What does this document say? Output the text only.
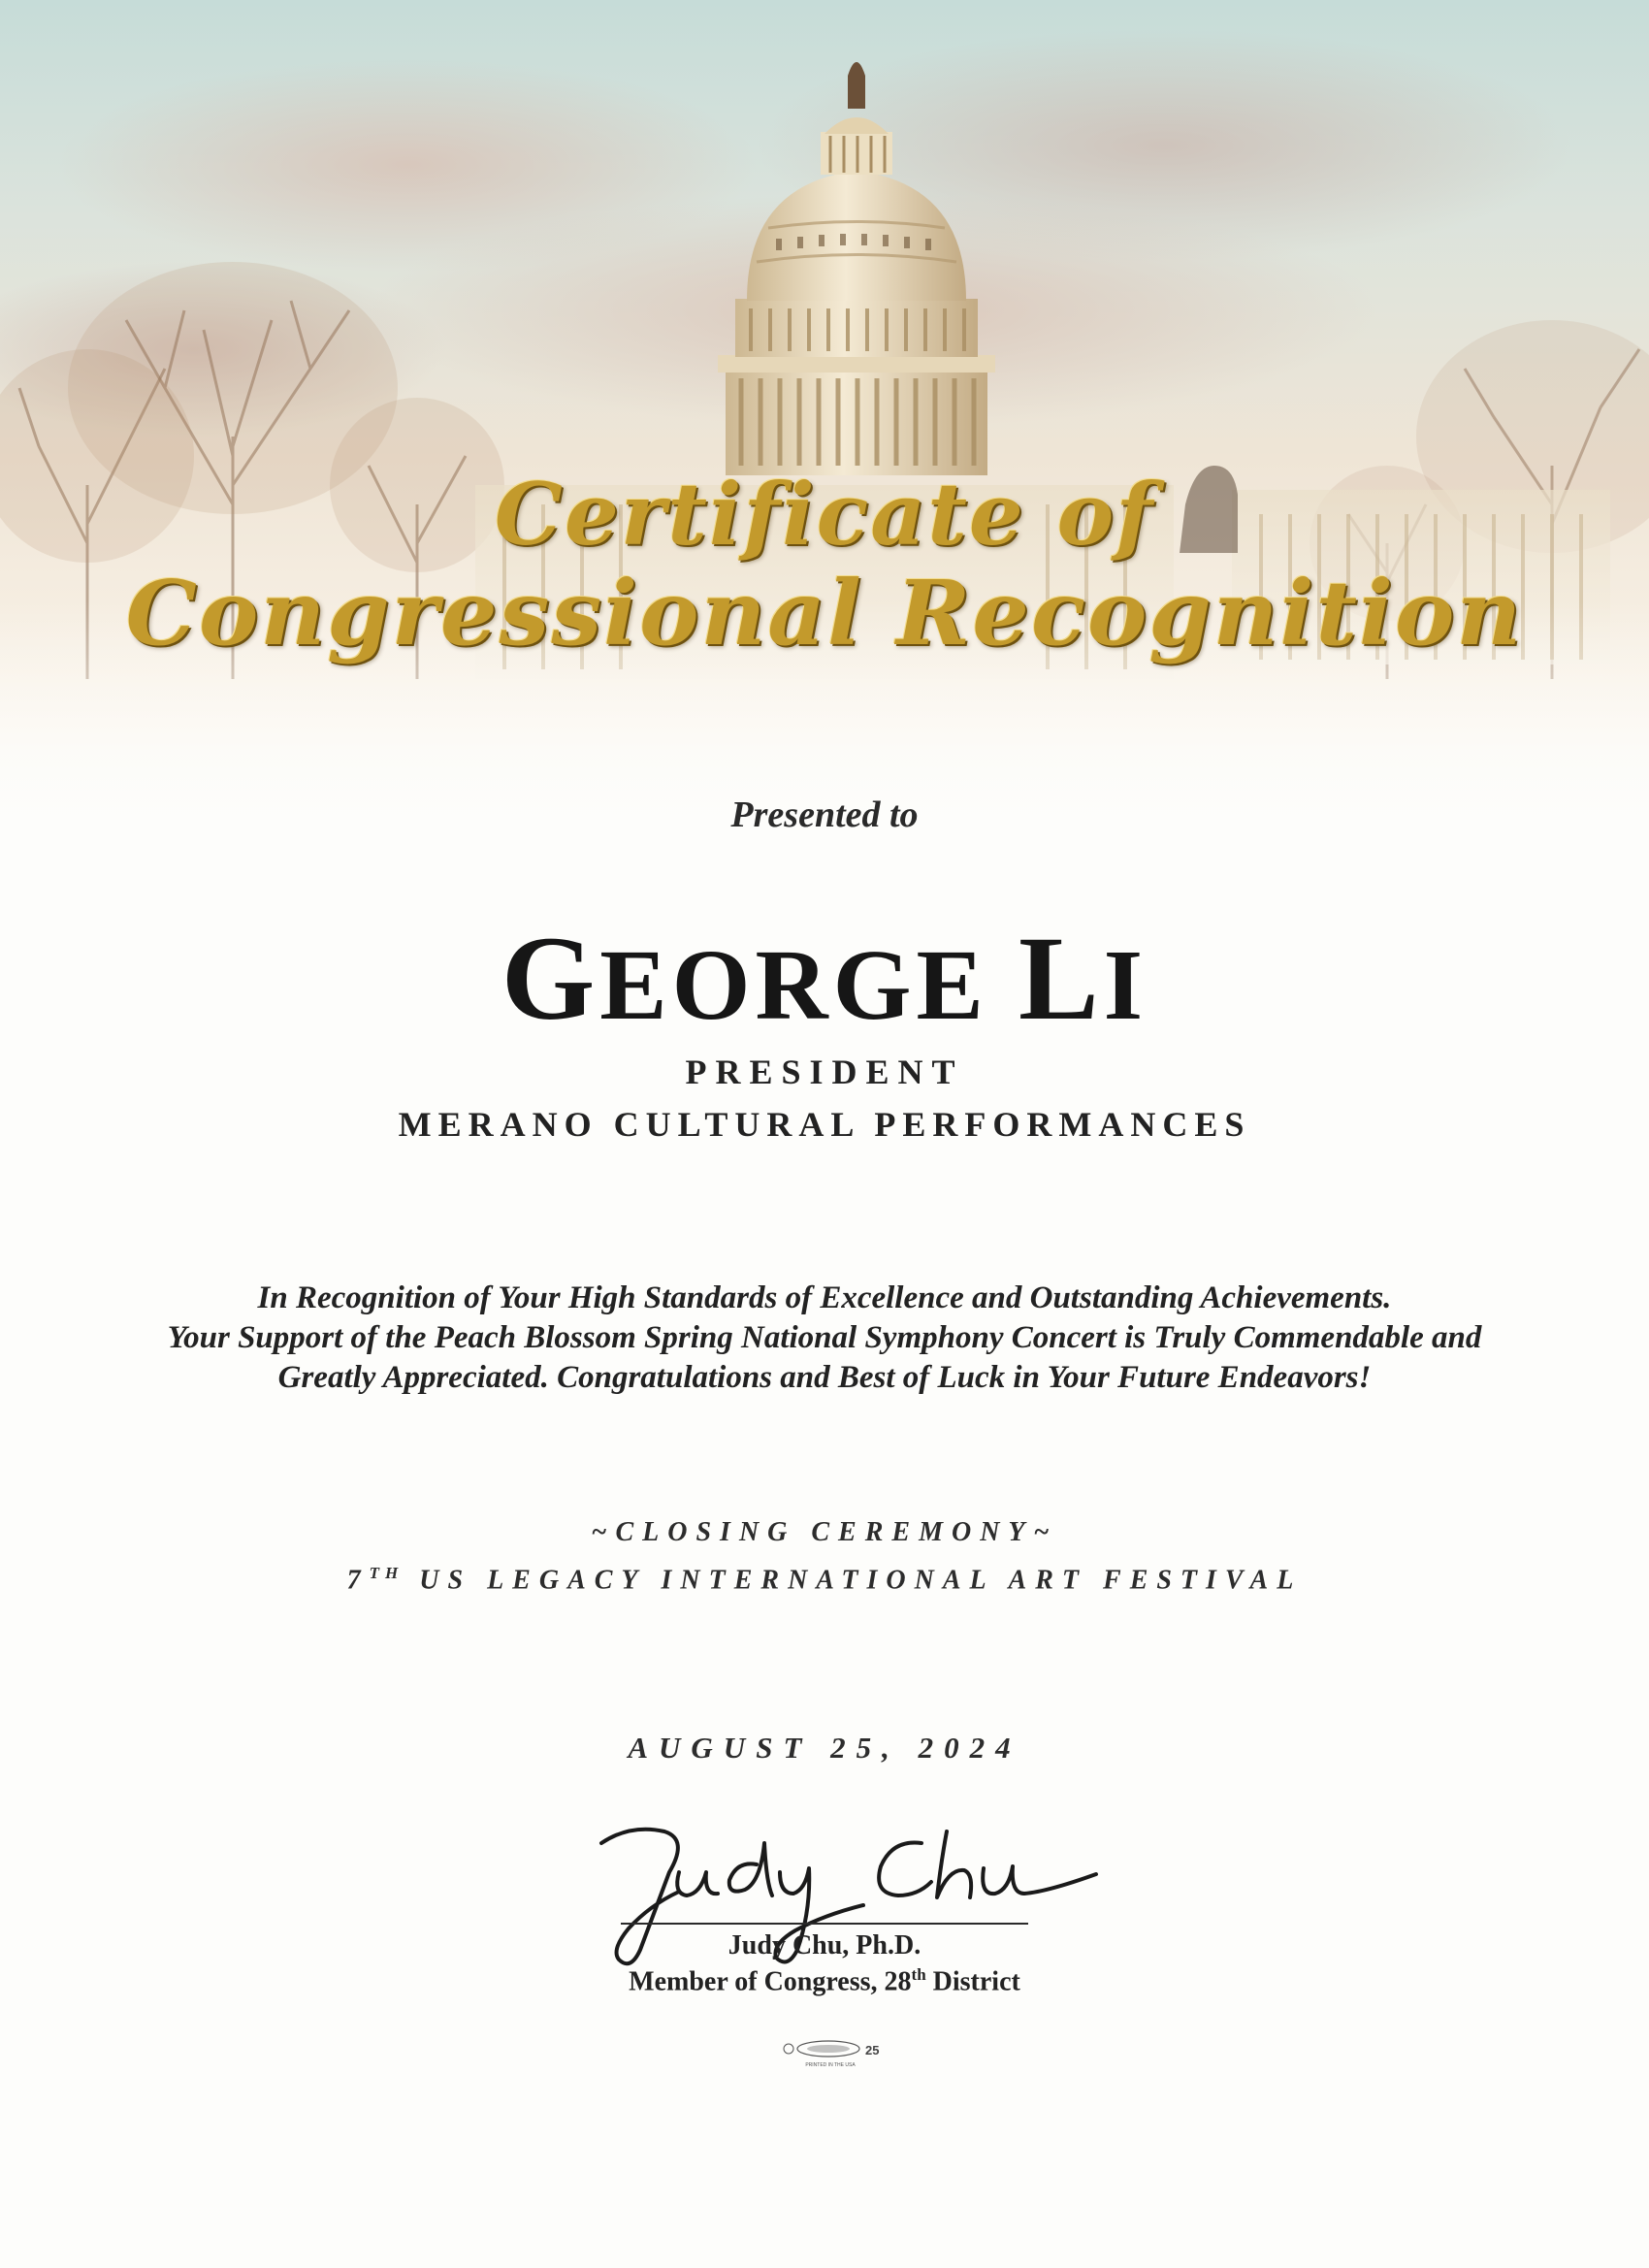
Certificate of
Congressional Recognition
Presented to
GEORGE LI
PRESIDENT
MERANO CULTURAL PERFORMANCES
In Recognition of Your High Standards of Excellence and Outstanding Achievements.
Your Support of the Peach Blossom Spring National Symphony Concert is Truly Commendable and
Greatly Appreciated. Congratulations and Best of Luck in Your Future Endeavors!
~CLOSING CEREMONY~
7TH US LEGACY INTERNATIONAL ART FESTIVAL
AUGUST 25, 2024
Judy Chu, Ph.D.
Member of Congress, 28th District
25
PRINTED IN THE USA
